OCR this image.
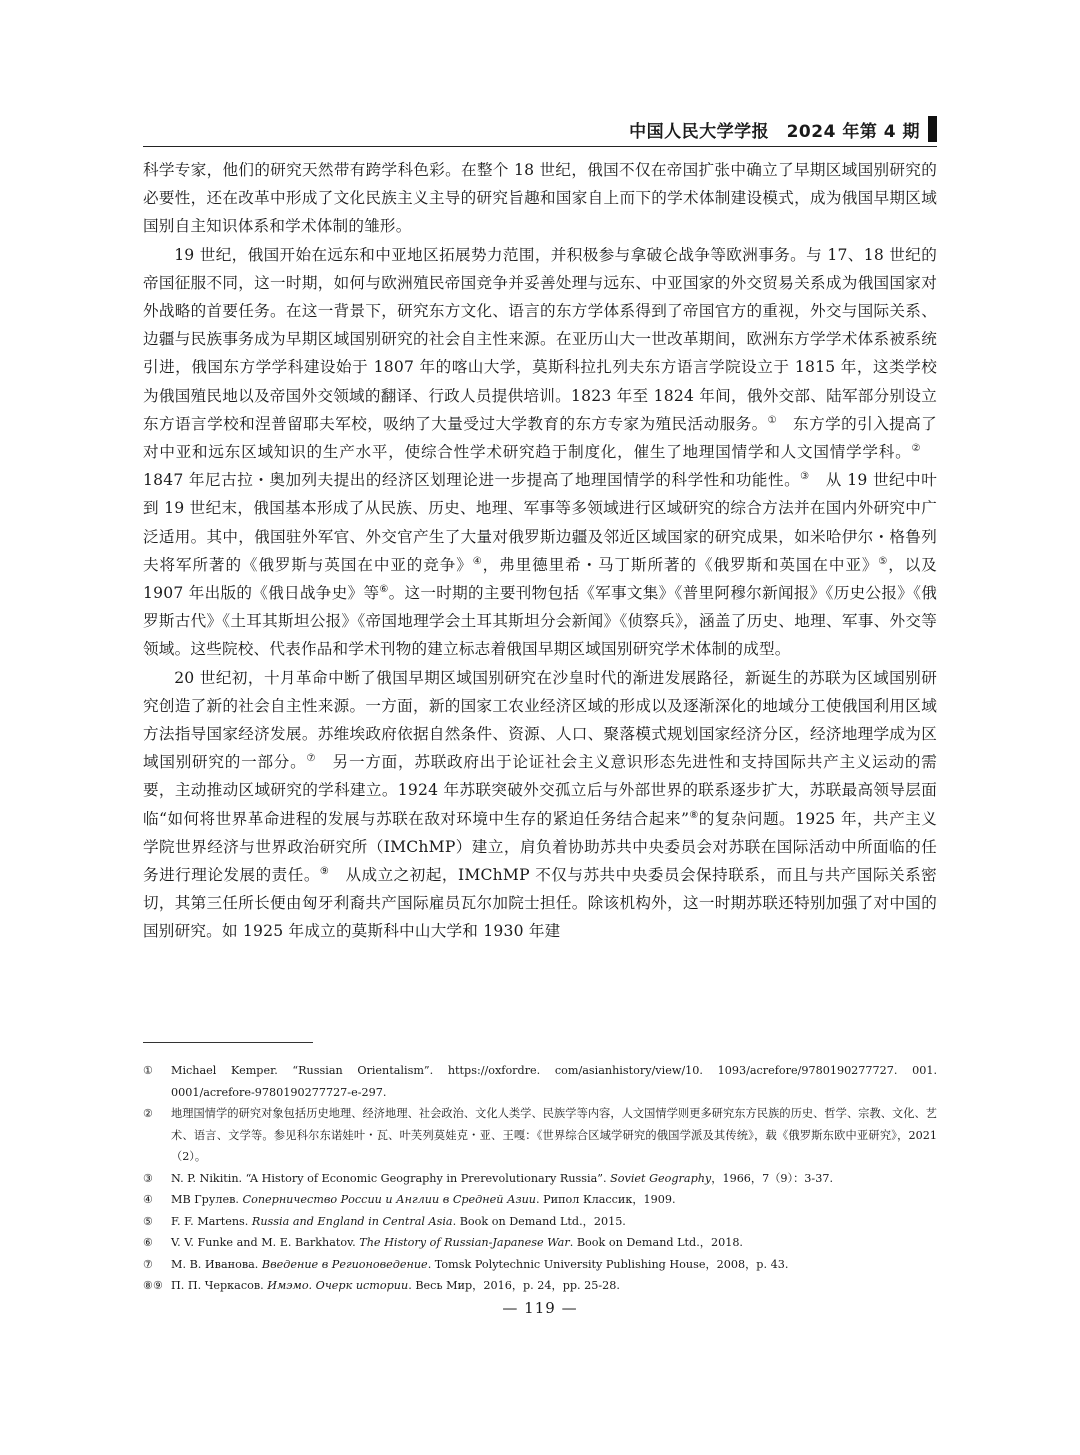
中国人民大学学报　2024 年第 4 期

科学专家，他们的研究天然带有跨学科色彩。在整个 18 世纪，俄国不仅在帝国扩张中确立了早期区域国别研究的必要性，还在改革中形成了文化民族主义主导的研究旨趣和国家自上而下的学术体制建设模式，成为俄国早期区域国别自主知识体系和学术体制的雏形。

19 世纪，俄国开始在远东和中亚地区拓展势力范围，并积极参与拿破仑战争等欧洲事务。与 17、18 世纪的帝国征服不同，这一时期，如何与欧洲殖民帝国竞争并妥善处理与远东、中亚国家的外交贸易关系成为俄国国家对外战略的首要任务。在这一背景下，研究东方文化、语言的东方学体系得到了帝国官方的重视，外交与国际关系、边疆与民族事务成为早期区域国别研究的社会自主性来源。在亚历山大一世改革期间，欧洲东方学学术体系被系统引进，俄国东方学学科建设始于 1807 年的喀山大学，莫斯科拉扎列夫东方语言学院设立于 1815 年，这类学校为俄国殖民地以及帝国外交领域的翻译、行政人员提供培训。1823 年至 1824 年间，俄外交部、陆军部分别设立东方语言学校和涅普留耶夫军校，吸纳了大量受过大学教育的东方专家为殖民活动服务。①　东方学的引入提高了对中亚和远东区域知识的生产水平，使综合性学术研究趋于制度化，催生了地理国情学和人文国情学学科。②　1847 年尼古拉・奥加列夫提出的经济区划理论进一步提高了地理国情学的科学性和功能性。③　从 19 世纪中叶到 19 世纪末，俄国基本形成了从民族、历史、地理、军事等多领域进行区域研究的综合方法并在国内外研究中广泛适用。其中，俄国驻外军官、外交官产生了大量对俄罗斯边疆及邻近区域国家的研究成果，如米哈伊尔・格鲁列夫将军所著的《俄罗斯与英国在中亚的竞争》④，弗里德里希・马丁斯所著的《俄罗斯和英国在中亚》⑤，以及 1907 年出版的《俄日战争史》等⑥。这一时期的主要刊物包括《军事文集》《普里阿穆尔新闻报》《历史公报》《俄罗斯古代》《土耳其斯坦公报》《帝国地理学会土耳其斯坦分会新闻》《侦察兵》，涵盖了历史、地理、军事、外交等领域。这些院校、代表作品和学术刊物的建立标志着俄国早期区域国别研究学术体制的成型。

20 世纪初，十月革命中断了俄国早期区域国别研究在沙皇时代的渐进发展路径，新诞生的苏联为区域国别研究创造了新的社会自主性来源。一方面，新的国家工农业经济区域的形成以及逐渐深化的地域分工使俄国利用区域方法指导国家经济发展。苏维埃政府依据自然条件、资源、人口、聚落模式规划国家经济分区，经济地理学成为区域国别研究的一部分。⑦　另一方面，苏联政府出于论证社会主义意识形态先进性和支持国际共产主义运动的需要，主动推动区域研究的学科建立。1924 年苏联突破外交孤立后与外部世界的联系逐步扩大，苏联最高领导层面临“如何将世界革命进程的发展与苏联在敌对环境中生存的紧迫任务结合起来”⑧的复杂问题。1925 年，共产主义学院世界经济与世界政治研究所（IMChMP）建立，肩负着协助苏共中央委员会对苏联在国际活动中所面临的任务进行理论发展的责任。⑨　从成立之初起，IMChMP 不仅与苏共中央委员会保持联系，而且与共产国际关系密切，其第三任所长便由匈牙利裔共产国际雇员瓦尔加院士担任。除该机构外，这一时期苏联还特别加强了对中国的国别研究。如 1925 年成立的莫斯科中山大学和 1930 年建

①	Michael Kemper. “Russian Orientalism”. https://oxfordre. com/asianhistory/view/10. 1093/acrefore/9780190277727. 001. 0001/acrefore-9780190277727-e-297.
②	地理国情学的研究对象包括历史地理、经济地理、社会政治、文化人类学、民族学等内容，人文国情学则更多研究东方民族的历史、哲学、宗教、文化、艺术、语言、文学等。参见科尔东诺娃叶・瓦、叶芙列莫娃克・亚、王嘎：《世界综合区域学研究的俄国学派及其传统》，载《俄罗斯东欧中亚研究》，2021（2）。
③	N. P. Nikitin. “A History of Economic Geography in Prerevolutionary Russia”. Soviet Geography，1966，7（9）：3-37.
④	МВ Грулев. Соперничество России и Англии в Средней Азии. Рипол Классик，1909.
⑤	F. F. Martens. Russia and England in Central Asia. Book on Demand Ltd.，2015.
⑥	V. V. Funke and M. E. Barkhatov. The History of Russian-Japanese War. Book on Demand Ltd.，2018.
⑦	М. В. Иванова. Введение в Регионоведение. Tomsk Polytechnic University Publishing House，2008，p. 43.
⑧⑨ П. П. Черкасов. Имэмо. Очерк истории. Весь Мир，2016，p. 24，pp. 25-28.
— 119 —
